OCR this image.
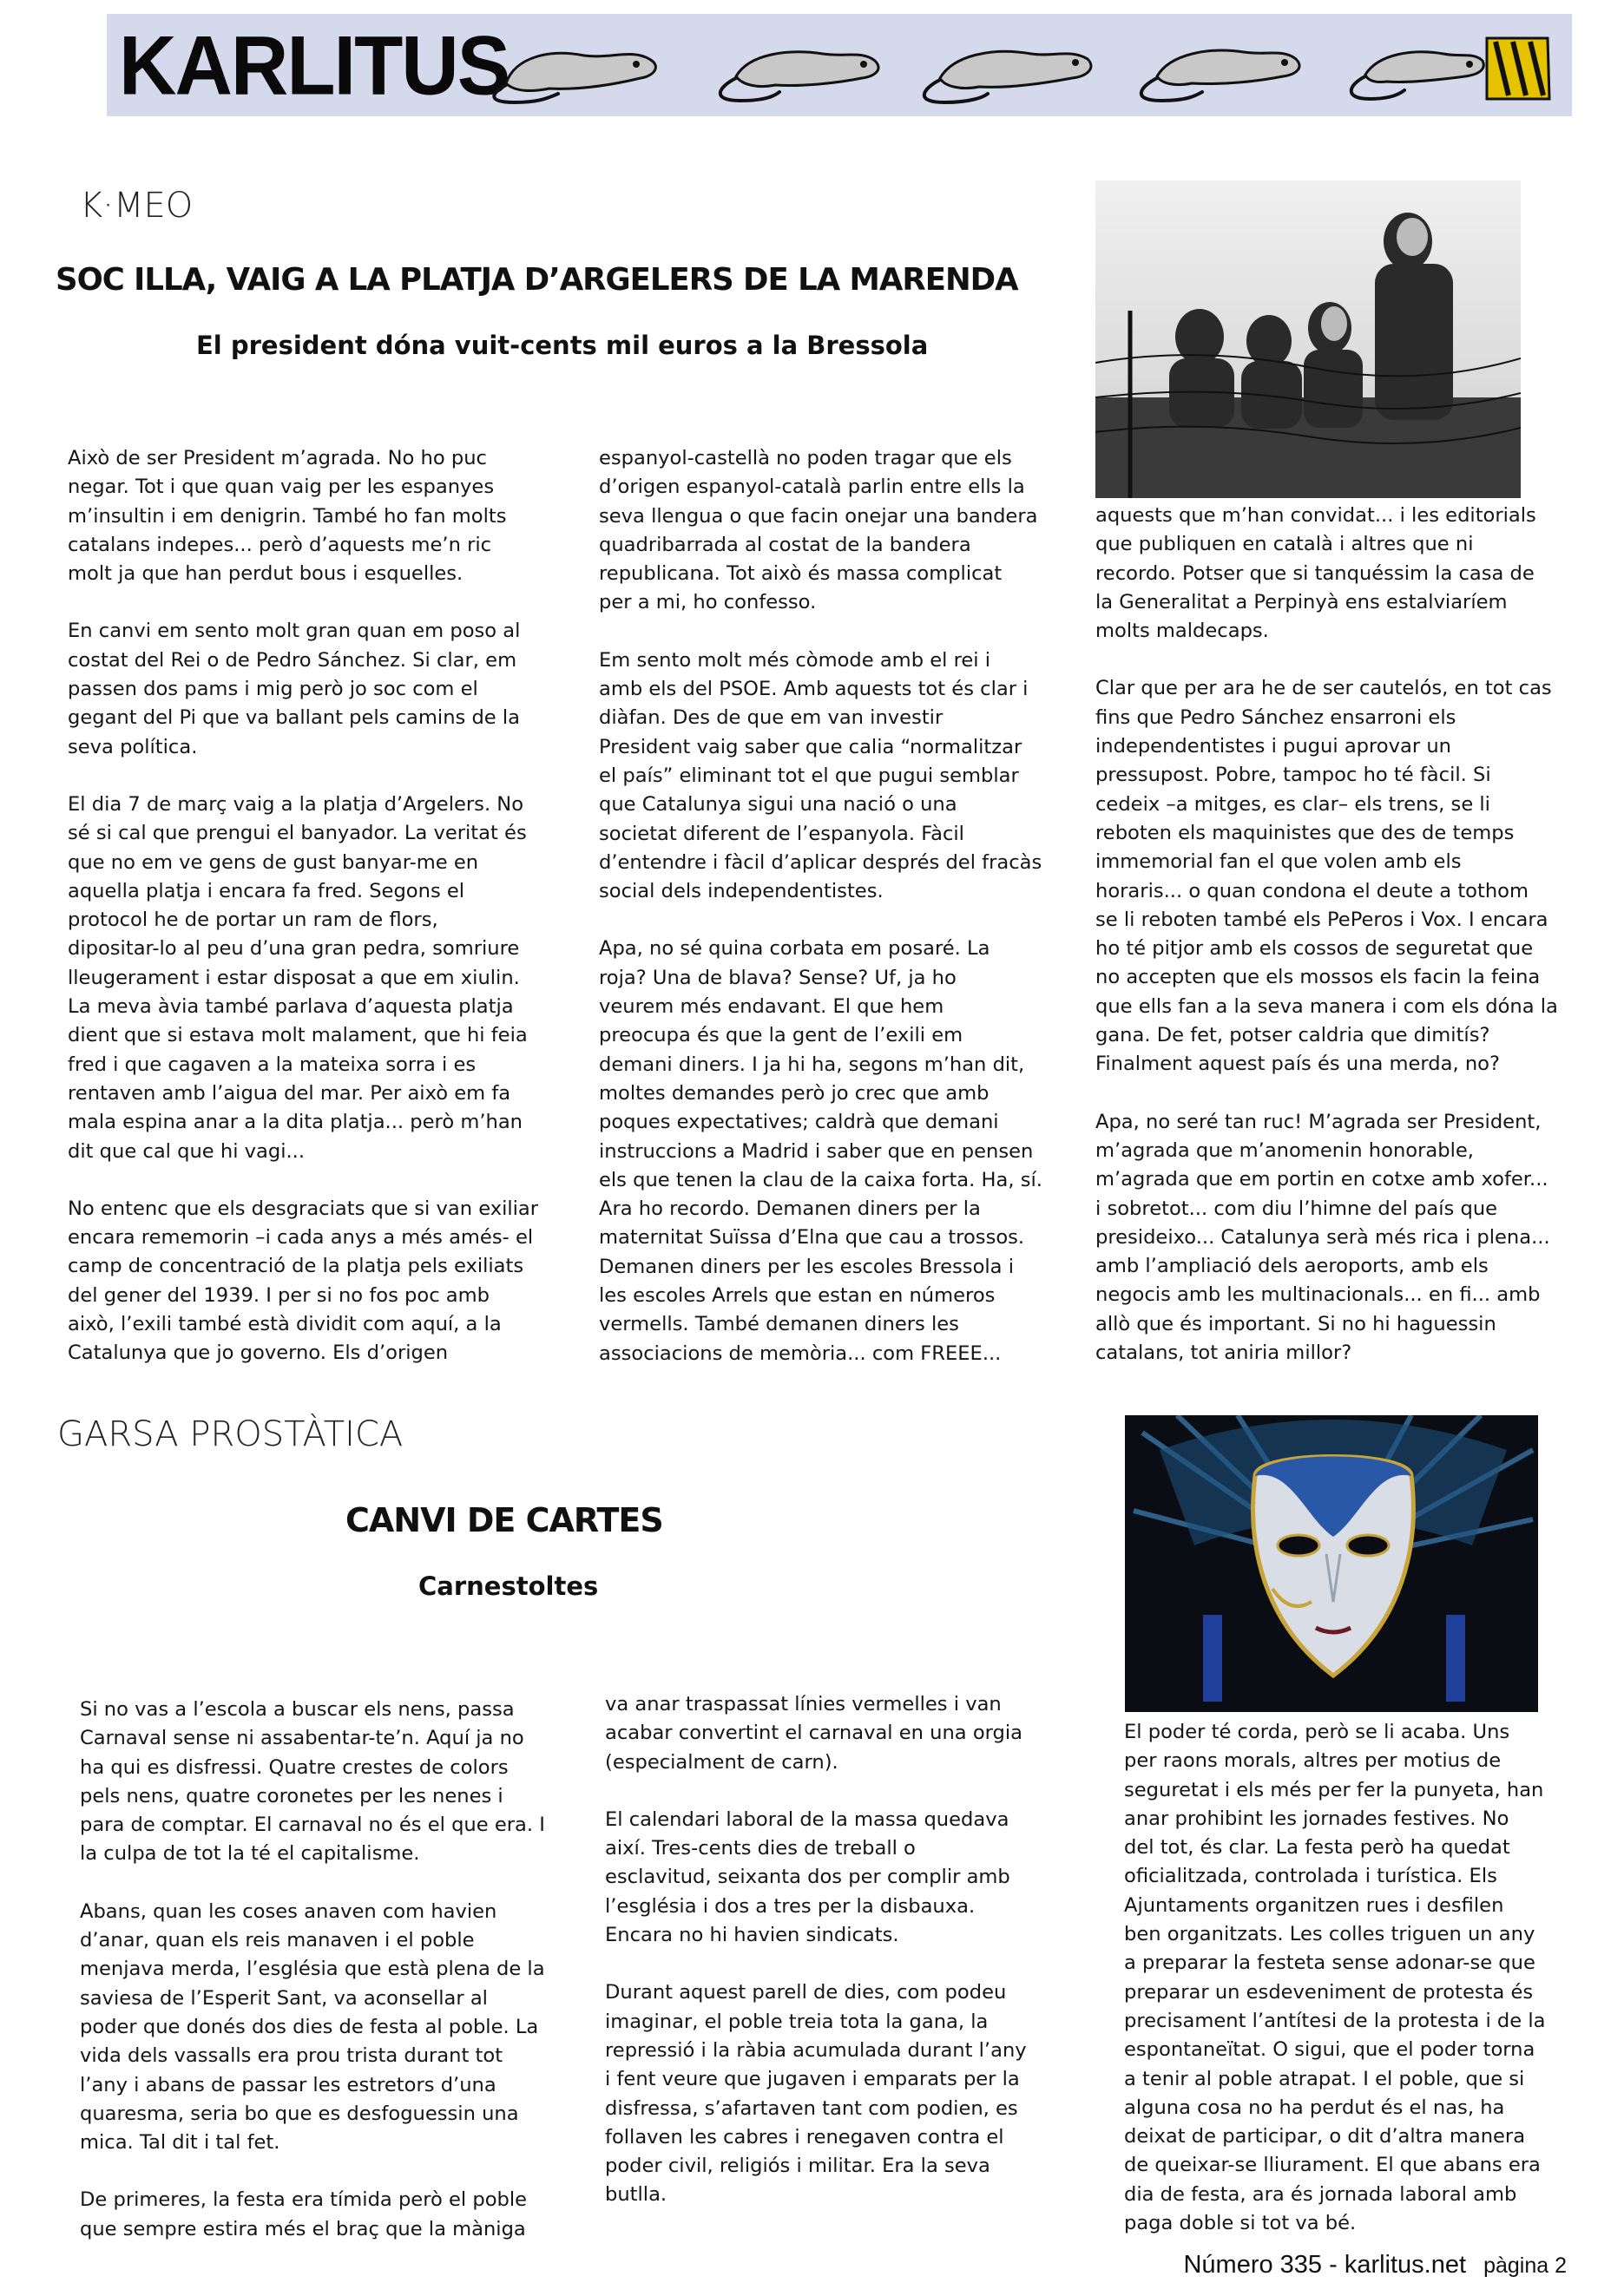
KARLITUS
K·MEO
SOC ILLA, VAIG A LA PLATJA D’ARGELERS DE LA MARENDA
El president dóna vuit-cents mil euros a la Bressola

Això de ser President m’agrada. No ho puc
negar. Tot i que quan vaig per les espanyes
m’insultin i em denigrin. També ho fan molts
catalans indepes... però d’aquests me’n ric
molt ja que han perdut bous i esquelles.

En canvi em sento molt gran quan em poso al
costat del Rei o de Pedro Sánchez. Si clar, em
passen dos pams i mig però jo soc com el
gegant del Pi que va ballant pels camins de la
seva política.

El dia 7 de març vaig a la platja d’Argelers. No
sé si cal que prengui el banyador. La veritat és
que no em ve gens de gust banyar-me en
aquella platja i encara fa fred. Segons el
protocol he de portar un ram de flors,
dipositar-lo al peu d’una gran pedra, somriure
lleugerament i estar disposat a que em xiulin.
La meva àvia també parlava d’aquesta platja
dient que si estava molt malament, que hi feia
fred i que cagaven a la mateixa sorra i es
rentaven amb l’aigua del mar. Per això em fa
mala espina anar a la dita platja... però m’han
dit que cal que hi vagi...

No entenc que els desgraciats que si van exiliar
encara rememorin –i cada anys a més amés- el
camp de concentració de la platja pels exiliats
del gener del 1939. I per si no fos poc amb
això, l’exili també està dividit com aquí, a la
Catalunya que jo governo. Els d’origen

espanyol-castellà no poden tragar que els
d’origen espanyol-català parlin entre ells la
seva llengua o que facin onejar una bandera
quadribarrada al costat de la bandera
republicana. Tot això és massa complicat
per a mi, ho confesso.

Em sento molt més còmode amb el rei i
amb els del PSOE. Amb aquests tot és clar i
diàfan. Des de que em van investir
President vaig saber que calia “normalitzar
el país” eliminant tot el que pugui semblar
que Catalunya sigui una nació o una
societat diferent de l’espanyola. Fàcil
d’entendre i fàcil d’aplicar després del fracàs
social dels independentistes.

Apa, no sé quina corbata em posaré. La
roja? Una de blava? Sense? Uf, ja ho
veurem més endavant. El que hem
preocupa és que la gent de l’exili em
demani diners. I ja hi ha, segons m’han dit,
moltes demandes però jo crec que amb
poques expectatives; caldrà que demani
instruccions a Madrid i saber que en pensen
els que tenen la clau de la caixa forta. Ha, sí.
Ara ho recordo. Demanen diners per la
maternitat Suïssa d’Elna que cau a trossos.
Demanen diners per les escoles Bressola i
les escoles Arrels que estan en números
vermells. També demanen diners les
associacions de memòria... com FREEE...

aquests que m’han convidat... i les editorials
que publiquen en català i altres que ni
recordo. Potser que si tanquéssim la casa de
la Generalitat a Perpinyà ens estalviaríem
molts maldecaps.

Clar que per ara he de ser cautelós, en tot cas
fins que Pedro Sánchez ensarroni els
independentistes i pugui aprovar un
pressupost. Pobre, tampoc ho té fàcil. Si
cedeix –a mitges, es clar– els trens, se li
reboten els maquinistes que des de temps
immemorial fan el que volen amb els
horaris... o quan condona el deute a tothom
se li reboten també els PePeros i Vox. I encara
ho té pitjor amb els cossos de seguretat que
no accepten que els mossos els facin la feina
que ells fan a la seva manera i com els dóna la
gana. De fet, potser caldria que dimitís?
Finalment aquest país és una merda, no?

Apa, no seré tan ruc! M’agrada ser President,
m’agrada que m’anomenin honorable,
m’agrada que em portin en cotxe amb xofer...
i sobretot... com diu l’himne del país que
presideixo... Catalunya serà més rica i plena...
amb l’ampliació dels aeroports, amb els
negocis amb les multinacionals... en fi... amb
allò que és important. Si no hi haguessin
catalans, tot aniria millor?

GARSA PROSTÀTICA
CANVI DE CARTES
Carnestoltes

Si no vas a l’escola a buscar els nens, passa
Carnaval sense ni assabentar-te’n. Aquí ja no
ha qui es disfressi. Quatre crestes de colors
pels nens, quatre coronetes per les nenes i
para de comptar. El carnaval no és el que era. I
la culpa de tot la té el capitalisme.

Abans, quan les coses anaven com havien
d’anar, quan els reis manaven i el poble
menjava merda, l’església que està plena de la
saviesa de l’Esperit Sant, va aconsellar al
poder que donés dos dies de festa al poble. La
vida dels vassalls era prou trista durant tot
l’any i abans de passar les estretors d’una
quaresma, seria bo que es desfoguessin una
mica. Tal dit i tal fet.

De primeres, la festa era tímida però el poble
que sempre estira més el braç que la màniga

va anar traspassat línies vermelles i van
acabar convertint el carnaval en una orgia
(especialment de carn).

El calendari laboral de la massa quedava
així. Tres-cents dies de treball o
esclavitud, seixanta dos per complir amb
l’església i dos a tres per la disbauxa.
Encara no hi havien sindicats.

Durant aquest parell de dies, com podeu
imaginar, el poble treia tota la gana, la
repressió i la ràbia acumulada durant l’any
i fent veure que jugaven i emparats per la
disfressa, s’afartaven tant com podien, es
follaven les cabres i renegaven contra el
poder civil, religiós i militar. Era la seva
butlla.

El poder té corda, però se li acaba. Uns
per raons morals, altres per motius de
seguretat i els més per fer la punyeta, han
anar prohibint les jornades festives. No
del tot, és clar. La festa però ha quedat
oficialitzada, controlada i turística. Els
Ajuntaments organitzen rues i desfilen
ben organitzats. Les colles triguen un any
a preparar la festeta sense adonar-se que
preparar un esdeveniment de protesta és
precisament l’antítesi de la protesta i de la
espontaneïtat. O sigui, que el poder torna
a tenir al poble atrapat. I el poble, que si
alguna cosa no ha perdut és el nas, ha
deixat de participar, o dit d’altra manera
de queixar-se lliurament. El que abans era
dia de festa, ara és jornada laboral amb
paga doble si tot va bé.

Número 335 - karlitus.net pàgina 2
